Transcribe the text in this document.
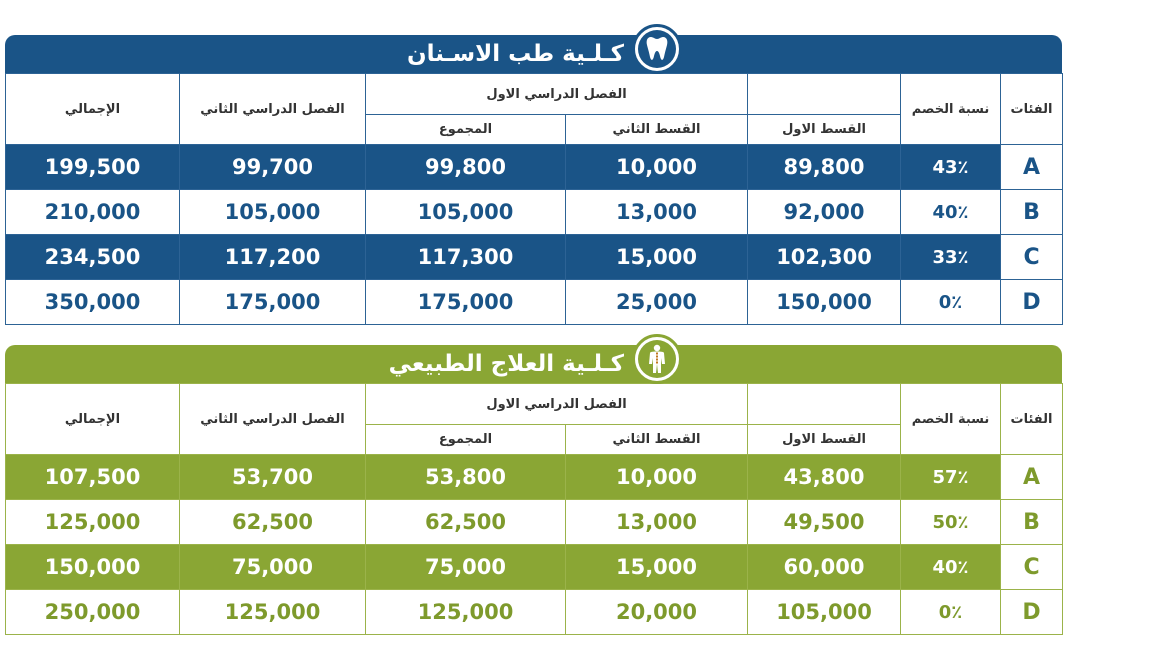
كـلـية طب الاسـنان
الفئات	نسبة الخصم		الفصل الدراسي الاول		الفصل الدراسي الثاني	الإجمالي
		القسط الاول	القسط الثاني	المجموع		
A	43٪	89,800	10,000	99,800	99,700	199,500
B	40٪	92,000	13,000	105,000	105,000	210,000
C	33٪	102,300	15,000	117,300	117,200	234,500
D	0٪	150,000	25,000	175,000	175,000	350,000
كـلـية العلاج الطبيعي
الفئات	نسبة الخصم		الفصل الدراسي الاول		الفصل الدراسي الثاني	الإجمالي
		القسط الاول	القسط الثاني	المجموع		
A	57٪	43,800	10,000	53,800	53,700	107,500
B	50٪	49,500	13,000	62,500	62,500	125,000
C	40٪	60,000	15,000	75,000	75,000	150,000
D	0٪	105,000	20,000	125,000	125,000	250,000
